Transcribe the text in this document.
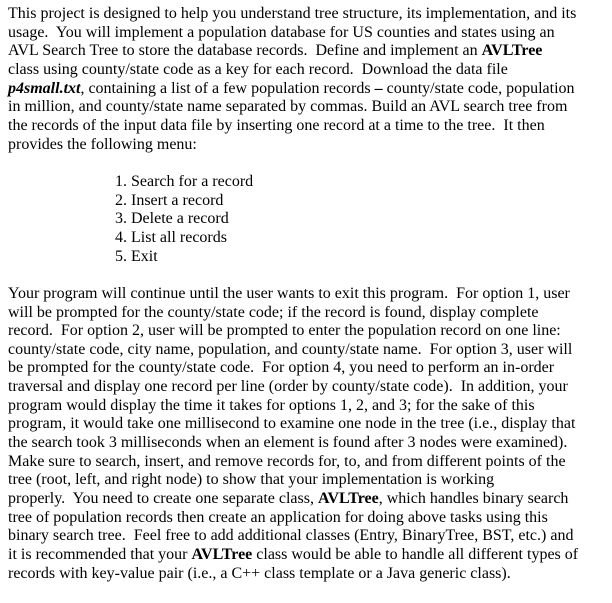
This project is designed to help you understand tree structure, its implementation, and its
usage.  You will implement a population database for US counties and states using an
AVL Search Tree to store the database records.  Define and implement an AVLTree
class using county/state code as a key for each record.  Download the data file
p4small.txt, containing a list of a few population records – county/state code, population
in million, and county/state name separated by commas. Build an AVL search tree from
the records of the input data file by inserting one record at a time to the tree.  It then
provides the following menu:
1. Search for a record
2. Insert a record
3. Delete a record
4. List all records
5. Exit
Your program will continue until the user wants to exit this program.  For option 1, user
will be prompted for the county/state code; if the record is found, display complete
record.  For option 2, user will be prompted to enter the population record on one line:
county/state code, city name, population, and county/state name.  For option 3, user will
be prompted for the county/state code.  For option 4, you need to perform an in-order
traversal and display one record per line (order by county/state code).  In addition, your
program would display the time it takes for options 1, 2, and 3; for the sake of this
program, it would take one millisecond to examine one node in the tree (i.e., display that
the search took 3 milliseconds when an element is found after 3 nodes were examined).
Make sure to search, insert, and remove records for, to, and from different points of the
tree (root, left, and right node) to show that your implementation is working
properly.  You need to create one separate class, AVLTree, which handles binary search
tree of population records then create an application for doing above tasks using this
binary search tree.  Feel free to add additional classes (Entry, BinaryTree, BST, etc.) and
it is recommended that your AVLTree class would be able to handle all different types of
records with key-value pair (i.e., a C++ class template or a Java generic class).
